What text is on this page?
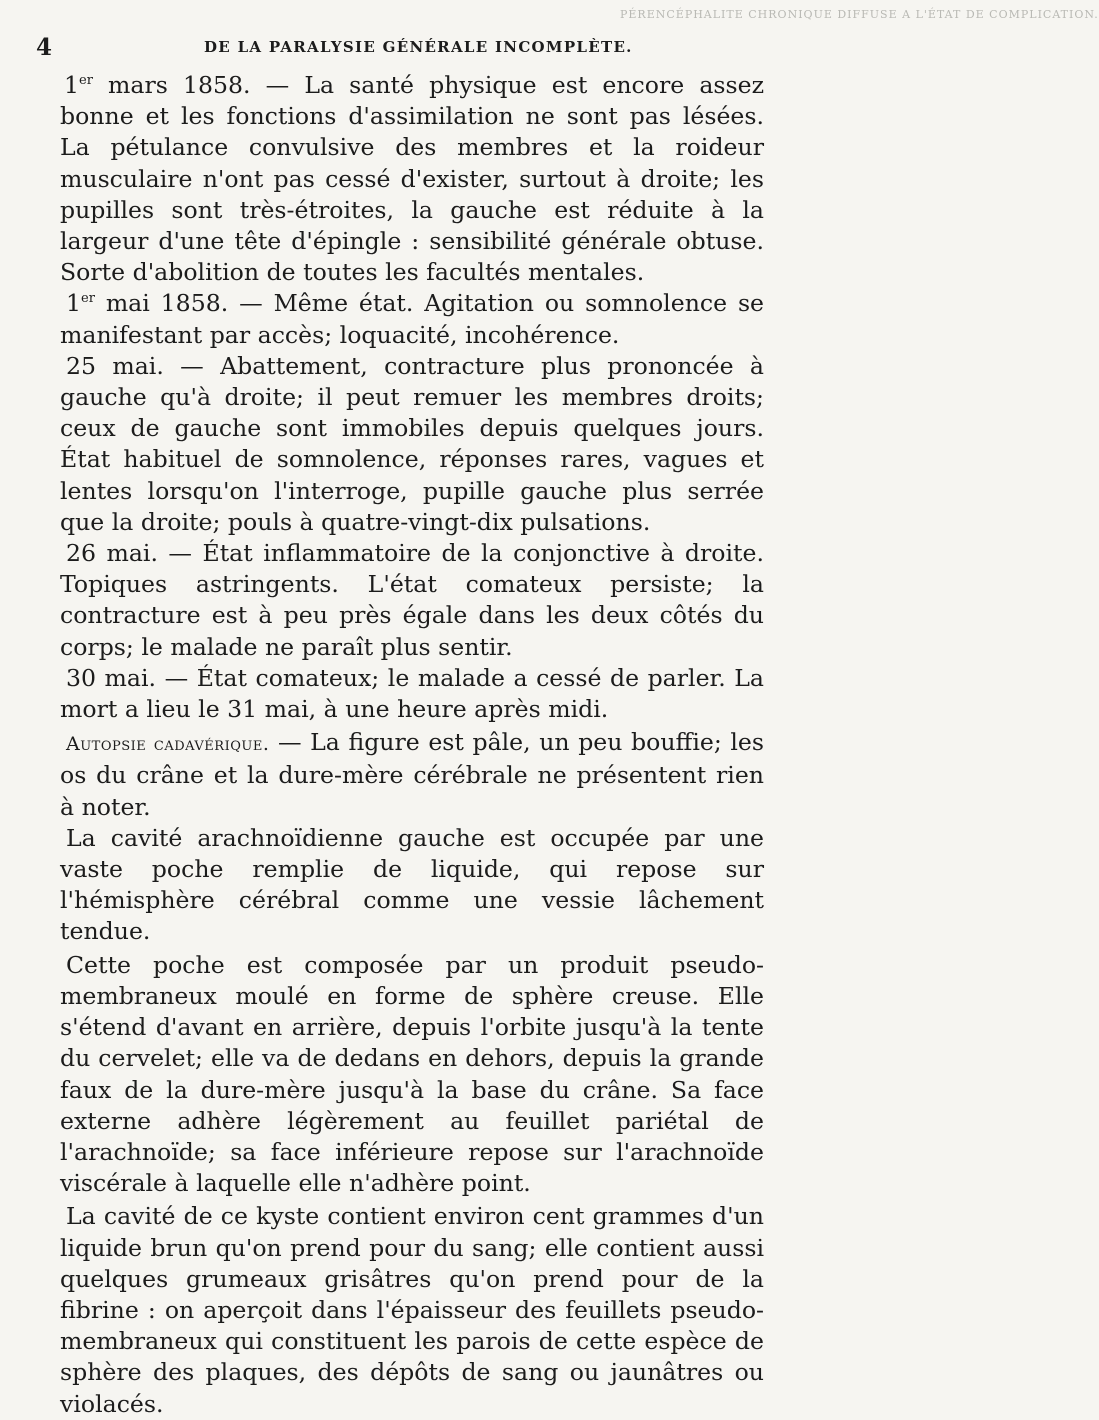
PÉRENCÉPHALITE CHRONIQUE DIFFUSE A L'ÉTAT DE COMPLICATION.
4	DE LA PARALYSIE GÉNÉRALE INCOMPLÈTE.

1er mars 1858. — La santé physique est encore assez bonne et les fonctions d'assimilation ne sont pas lésées. La pétulance convulsive des membres et la roideur musculaire n'ont pas cessé d'exister, surtout à droite; les pupilles sont très-étroites, la gauche est réduite à la largeur d'une tête d'épingle : sensibilité générale obtuse. Sorte d'abolition de toutes les facultés mentales.

1er mai 1858. — Même état. Agitation ou somnolence se manifestant par accès; loquacité, incohérence.

25 mai. — Abattement, contracture plus prononcée à gauche qu'à droite; il peut remuer les membres droits; ceux de gauche sont immobiles depuis quelques jours. État habituel de somnolence, réponses rares, vagues et lentes lorsqu'on l'interroge, pupille gauche plus serrée que la droite; pouls à quatre-vingt-dix pulsations.

26 mai. — État inflammatoire de la conjonctive à droite. Topiques astringents. L'état comateux persiste; la contracture est à peu près égale dans les deux côtés du corps; le malade ne paraît plus sentir.

30 mai. — État comateux; le malade a cessé de parler. La mort a lieu le 31 mai, à une heure après midi.

Autopsie cadavérique. — La figure est pâle, un peu bouffie; les os du crâne et la dure-mère cérébrale ne présentent rien à noter.

La cavité arachnoïdienne gauche est occupée par une vaste poche remplie de liquide, qui repose sur l'hémisphère cérébral comme une vessie lâchement tendue.

Cette poche est composée par un produit pseudo-membraneux moulé en forme de sphère creuse. Elle s'étend d'avant en arrière, depuis l'orbite jusqu'à la tente du cervelet; elle va de dedans en dehors, depuis la grande faux de la dure-mère jusqu'à la base du crâne. Sa face externe adhère légèrement au feuillet pariétal de l'arachnoïde; sa face inférieure repose sur l'arachnoïde viscérale à laquelle elle n'adhère point.

La cavité de ce kyste contient environ cent grammes d'un liquide brun qu'on prend pour du sang; elle contient aussi quelques grumeaux grisâtres qu'on prend pour de la fibrine : on aperçoit dans l'épaisseur des feuillets pseudo-membraneux qui constituent les parois de cette espèce de sphère des plaques, des dépôts de sang ou jaunâtres ou violacés.
